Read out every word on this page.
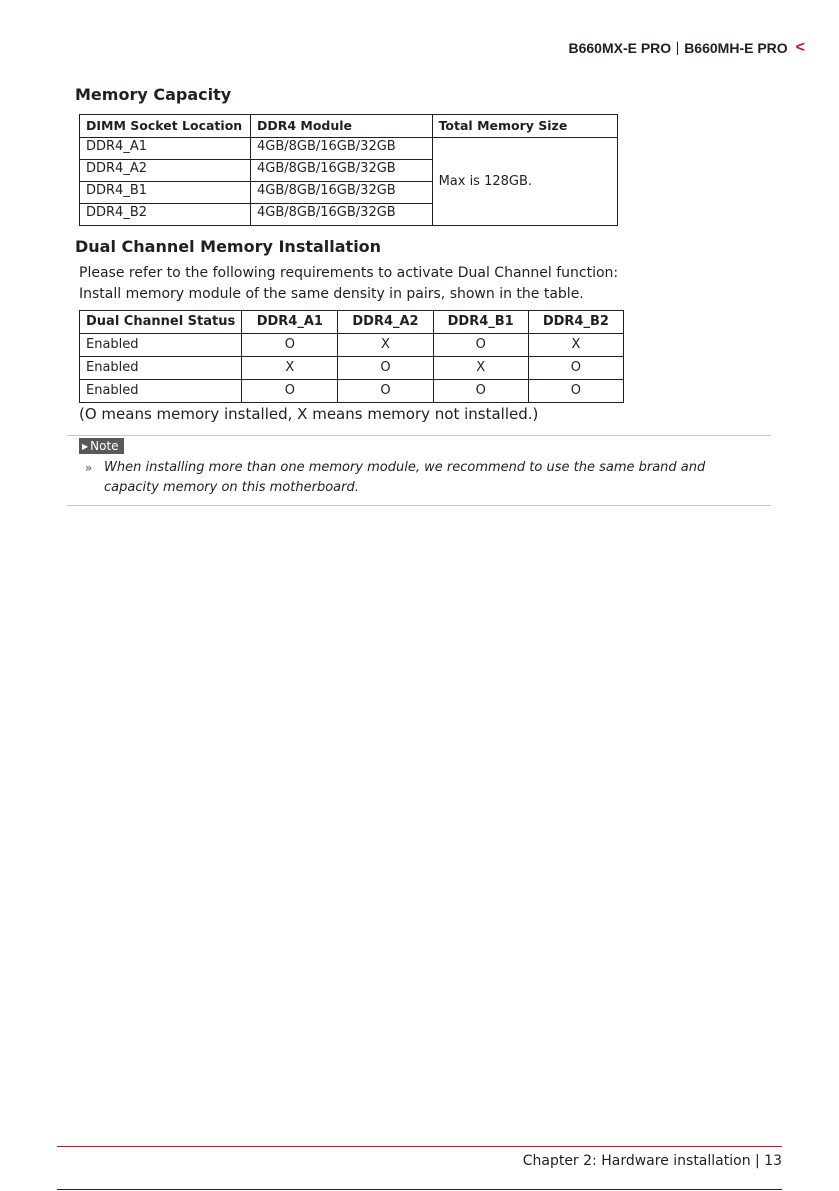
B660MX-E PRO B660MH-E PRO <
Memory Capacity
DIMM Socket Location	DDR4 Module	Total Memory Size
DDR4_A1	4GB/8GB/16GB/32GB	Max is 128GB.
DDR4_A2	4GB/8GB/16GB/32GB	
DDR4_B1	4GB/8GB/16GB/32GB	
DDR4_B2	4GB/8GB/16GB/32GB	
Dual Channel Memory Installation
Please refer to the following requirements to activate Dual Channel function:
Install memory module of the same density in pairs, shown in the table.
Dual Channel Status	DDR4_A1	DDR4_A2	DDR4_B1	DDR4_B2
Enabled	O	X	O	X
Enabled	X	O	X	O
Enabled	O	O	O	O
(O means memory installed, X means memory not installed.)
▶ Note
» When installing more than one memory module, we recommend to use the same brand and capacity memory on this motherboard.
Chapter 2: Hardware installation | 13
